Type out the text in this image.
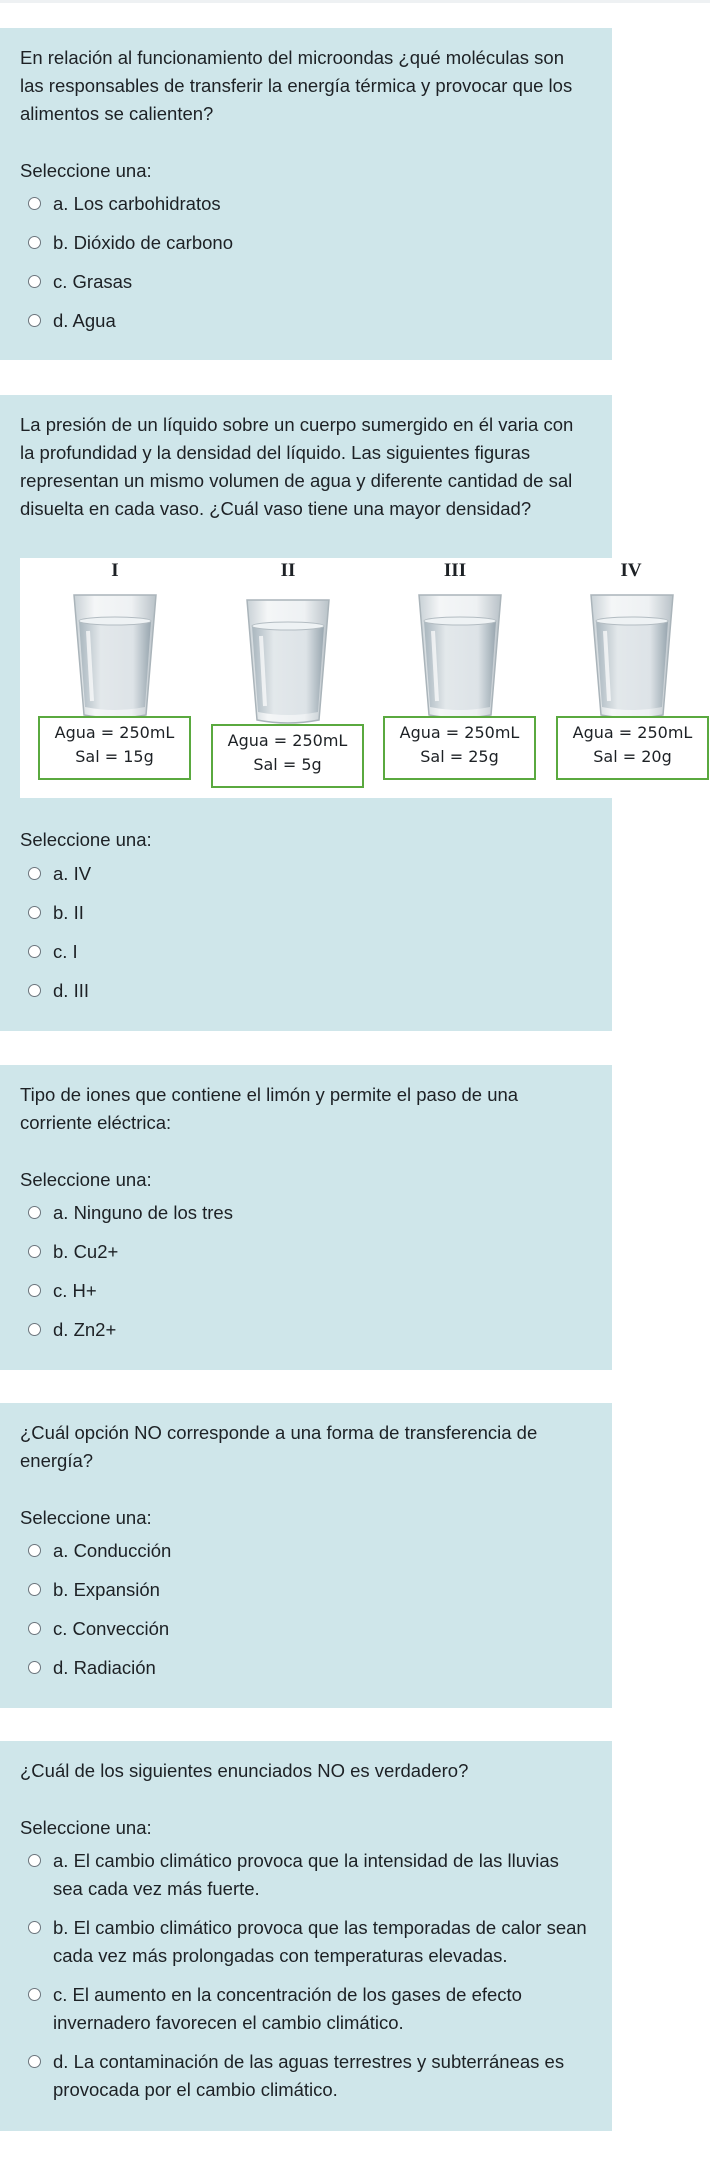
En relación al funcionamiento del microondas ¿qué moléculas son las responsables de transferir la energía térmica y provocar que los alimentos se calienten?

Seleccione una:

a. Los carbohidratos
b. Dióxido de carbono
c. Grasas
d. Agua

La presión de un líquido sobre un cuerpo sumergido en él varia con la profundidad y la densidad del líquido. Las siguientes figuras representan un mismo volumen de agua y diferente cantidad de sal disuelta en cada vaso. ¿Cuál vaso tiene una mayor densidad?

Seleccione una:

a. IV
b. II
c. I
d. III
I
Agua = 250mL
Sal = 15g
II
Agua = 250mL
Sal = 5g
III
Agua = 250mL
Sal = 25g
IV
Agua = 250mL
Sal = 20g

Tipo de iones que contiene el limón y permite el paso de una corriente eléctrica:

Seleccione una:

a. Ninguno de los tres
b. Cu2+
c. H+
d. Zn2+

¿Cuál opción NO corresponde a una forma de transferencia de energía?

Seleccione una:

a. Conducción
b. Expansión
c. Convección
d. Radiación

¿Cuál de los siguientes enunciados NO es verdadero?

Seleccione una:

a. El cambio climático provoca que la intensidad de las lluvias sea cada vez más fuerte.
b. El cambio climático provoca que las temporadas de calor sean cada vez más prolongadas con temperaturas elevadas.
c. El aumento en la concentración de los gases de efecto invernadero favorecen el cambio climático.
d. La contaminación de las aguas terrestres y subterráneas es provocada por el cambio climático.
